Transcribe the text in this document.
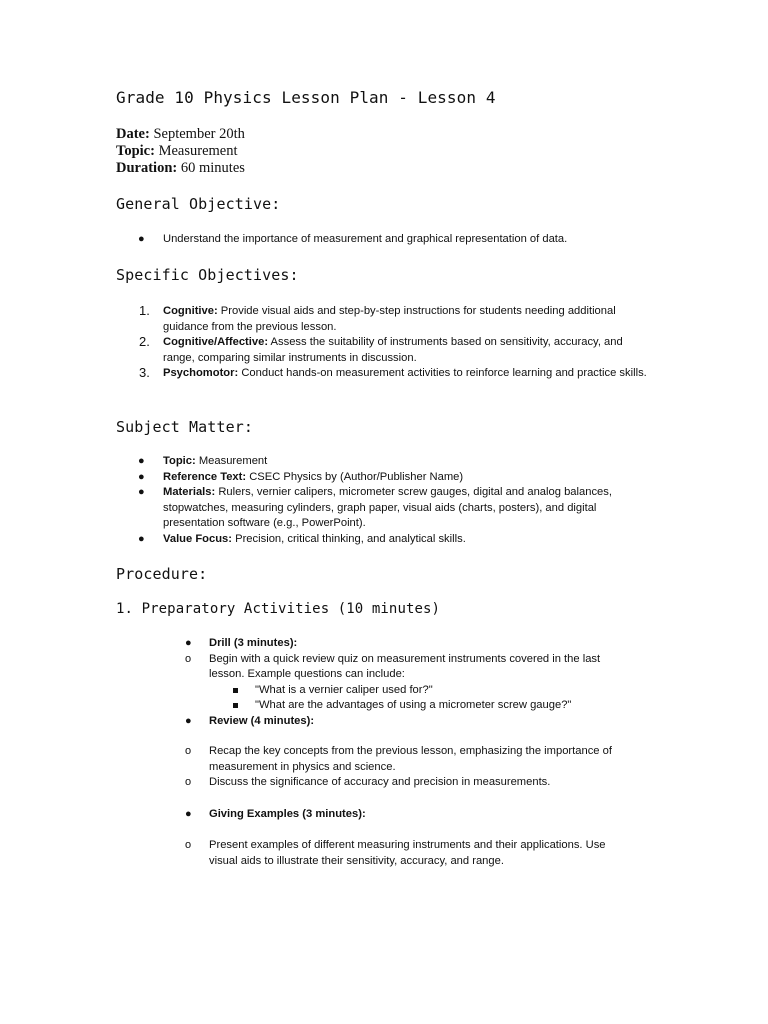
Grade 10 Physics Lesson Plan - Lesson 4
Date: September 20th
Topic: Measurement
Duration: 60 minutes
General Objective:
● Understand the importance of measurement and graphical representation of data.
Specific Objectives:
1. Cognitive: Provide visual aids and step-by-step instructions for students needing additional guidance from the previous lesson.
2. Cognitive/Affective: Assess the suitability of instruments based on sensitivity, accuracy, and range, comparing similar instruments in discussion.
3. Psychomotor: Conduct hands-on measurement activities to reinforce learning and practice skills.
Subject Matter:
● Topic: Measurement
● Reference Text: CSEC Physics by (Author/Publisher Name)
● Materials: Rulers, vernier calipers, micrometer screw gauges, digital and analog balances, stopwatches, measuring cylinders, graph paper, visual aids (charts, posters), and digital presentation software (e.g., PowerPoint).
● Value Focus: Precision, critical thinking, and analytical skills.
Procedure:
1. Preparatory Activities (10 minutes)
● Drill (3 minutes):
o Begin with a quick review quiz on measurement instruments covered in the last lesson. Example questions can include:
"What is a vernier caliper used for?"
"What are the advantages of using a micrometer screw gauge?"
● Review (4 minutes):
o Recap the key concepts from the previous lesson, emphasizing the importance of measurement in physics and science.
o Discuss the significance of accuracy and precision in measurements.
● Giving Examples (3 minutes):
o Present examples of different measuring instruments and their applications. Use visual aids to illustrate their sensitivity, accuracy, and range.
